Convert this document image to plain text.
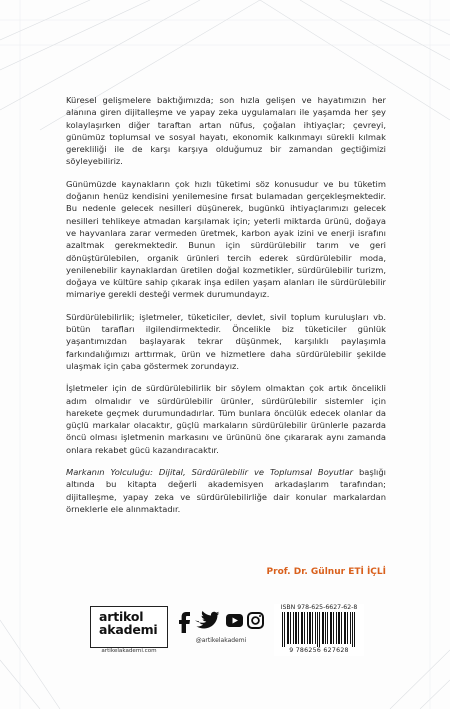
Küresel gelişmelere baktığımızda; son hızla gelişen ve hayatımızın her alanına giren dijitalleşme ve yapay zeka uygulamaları ile yaşamda her şey kolaylaşırken diğer taraftan artan nüfus, çoğalan ihtiyaçlar; çevreyi, günümüz toplumsal ve sosyal hayatı, ekonomik kalkınmayı sürekli kılmak gerekliliği ile de karşı karşıya olduğumuz bir zamandan geçtiğimizi söyleyebiliriz.

Günümüzde kaynakların çok hızlı tüketimi söz konusudur ve bu tüketim doğanın henüz kendisini yenilemesine fırsat bulamadan gerçekleşmektedir. Bu nedenle gelecek nesilleri düşünerek, bugünkü ihtiyaçlarımızı gelecek nesilleri tehlikeye atmadan karşılamak için; yeterli miktarda ürünü, doğaya ve hayvanlara zarar vermeden üretmek, karbon ayak izini ve enerji israfını azaltmak gerekmektedir. Bunun için sürdürülebilir tarım ve geri dönüştürülebilen, organik ürünleri tercih ederek sürdürülebilir moda, yenilenebilir kaynaklardan üretilen doğal kozmetikler, sürdürülebilir turizm, doğaya ve kültüre sahip çıkarak inşa edilen yaşam alanları ile sürdürülebilir mimariye gerekli desteği vermek durumundayız.

Sürdürülebilirlik; işletmeler, tüketiciler, devlet, sivil toplum kuruluşları vb. bütün tarafları ilgilendirmektedir. Öncelikle biz tüketiciler günlük yaşantımızdan başlayarak tekrar düşünmek, karşılıklı paylaşımla farkındalığımızı arttırmak, ürün ve hizmetlere daha sürdürülebilir şekilde ulaşmak için çaba göstermek zorundayız.

İşletmeler için de sürdürülebilirlik bir söylem olmaktan çok artık öncelikli adım olmalıdır ve sürdürülebilir ürünler, sürdürülebilir sistemler için harekete geçmek durumundadırlar. Tüm bunlara öncülük edecek olanlar da güçlü markalar olacaktır, güçlü markaların sürdürülebilir ürünlerle pazarda öncü olması işletmenin markasını ve ürününü öne çıkararak aynı zamanda onlara rekabet gücü kazandıracaktır.

Markanın Yolculuğu: Dijital, Sürdürülebilir ve Toplumsal Boyutlar başlığı altında bu kitapta değerli akademisyen arkadaşlarım tarafından; dijitalleşme, yapay zeka ve sürdürülebilirliğe dair konular markalardan örneklerle ele alınmaktadır.

Prof. Dr. Gülnur ETİ İÇLİ
artikol
akademi
artikelakademi.com
@artikelakademi
ISBN 978-625-6627-62-8
9 786256 627628
